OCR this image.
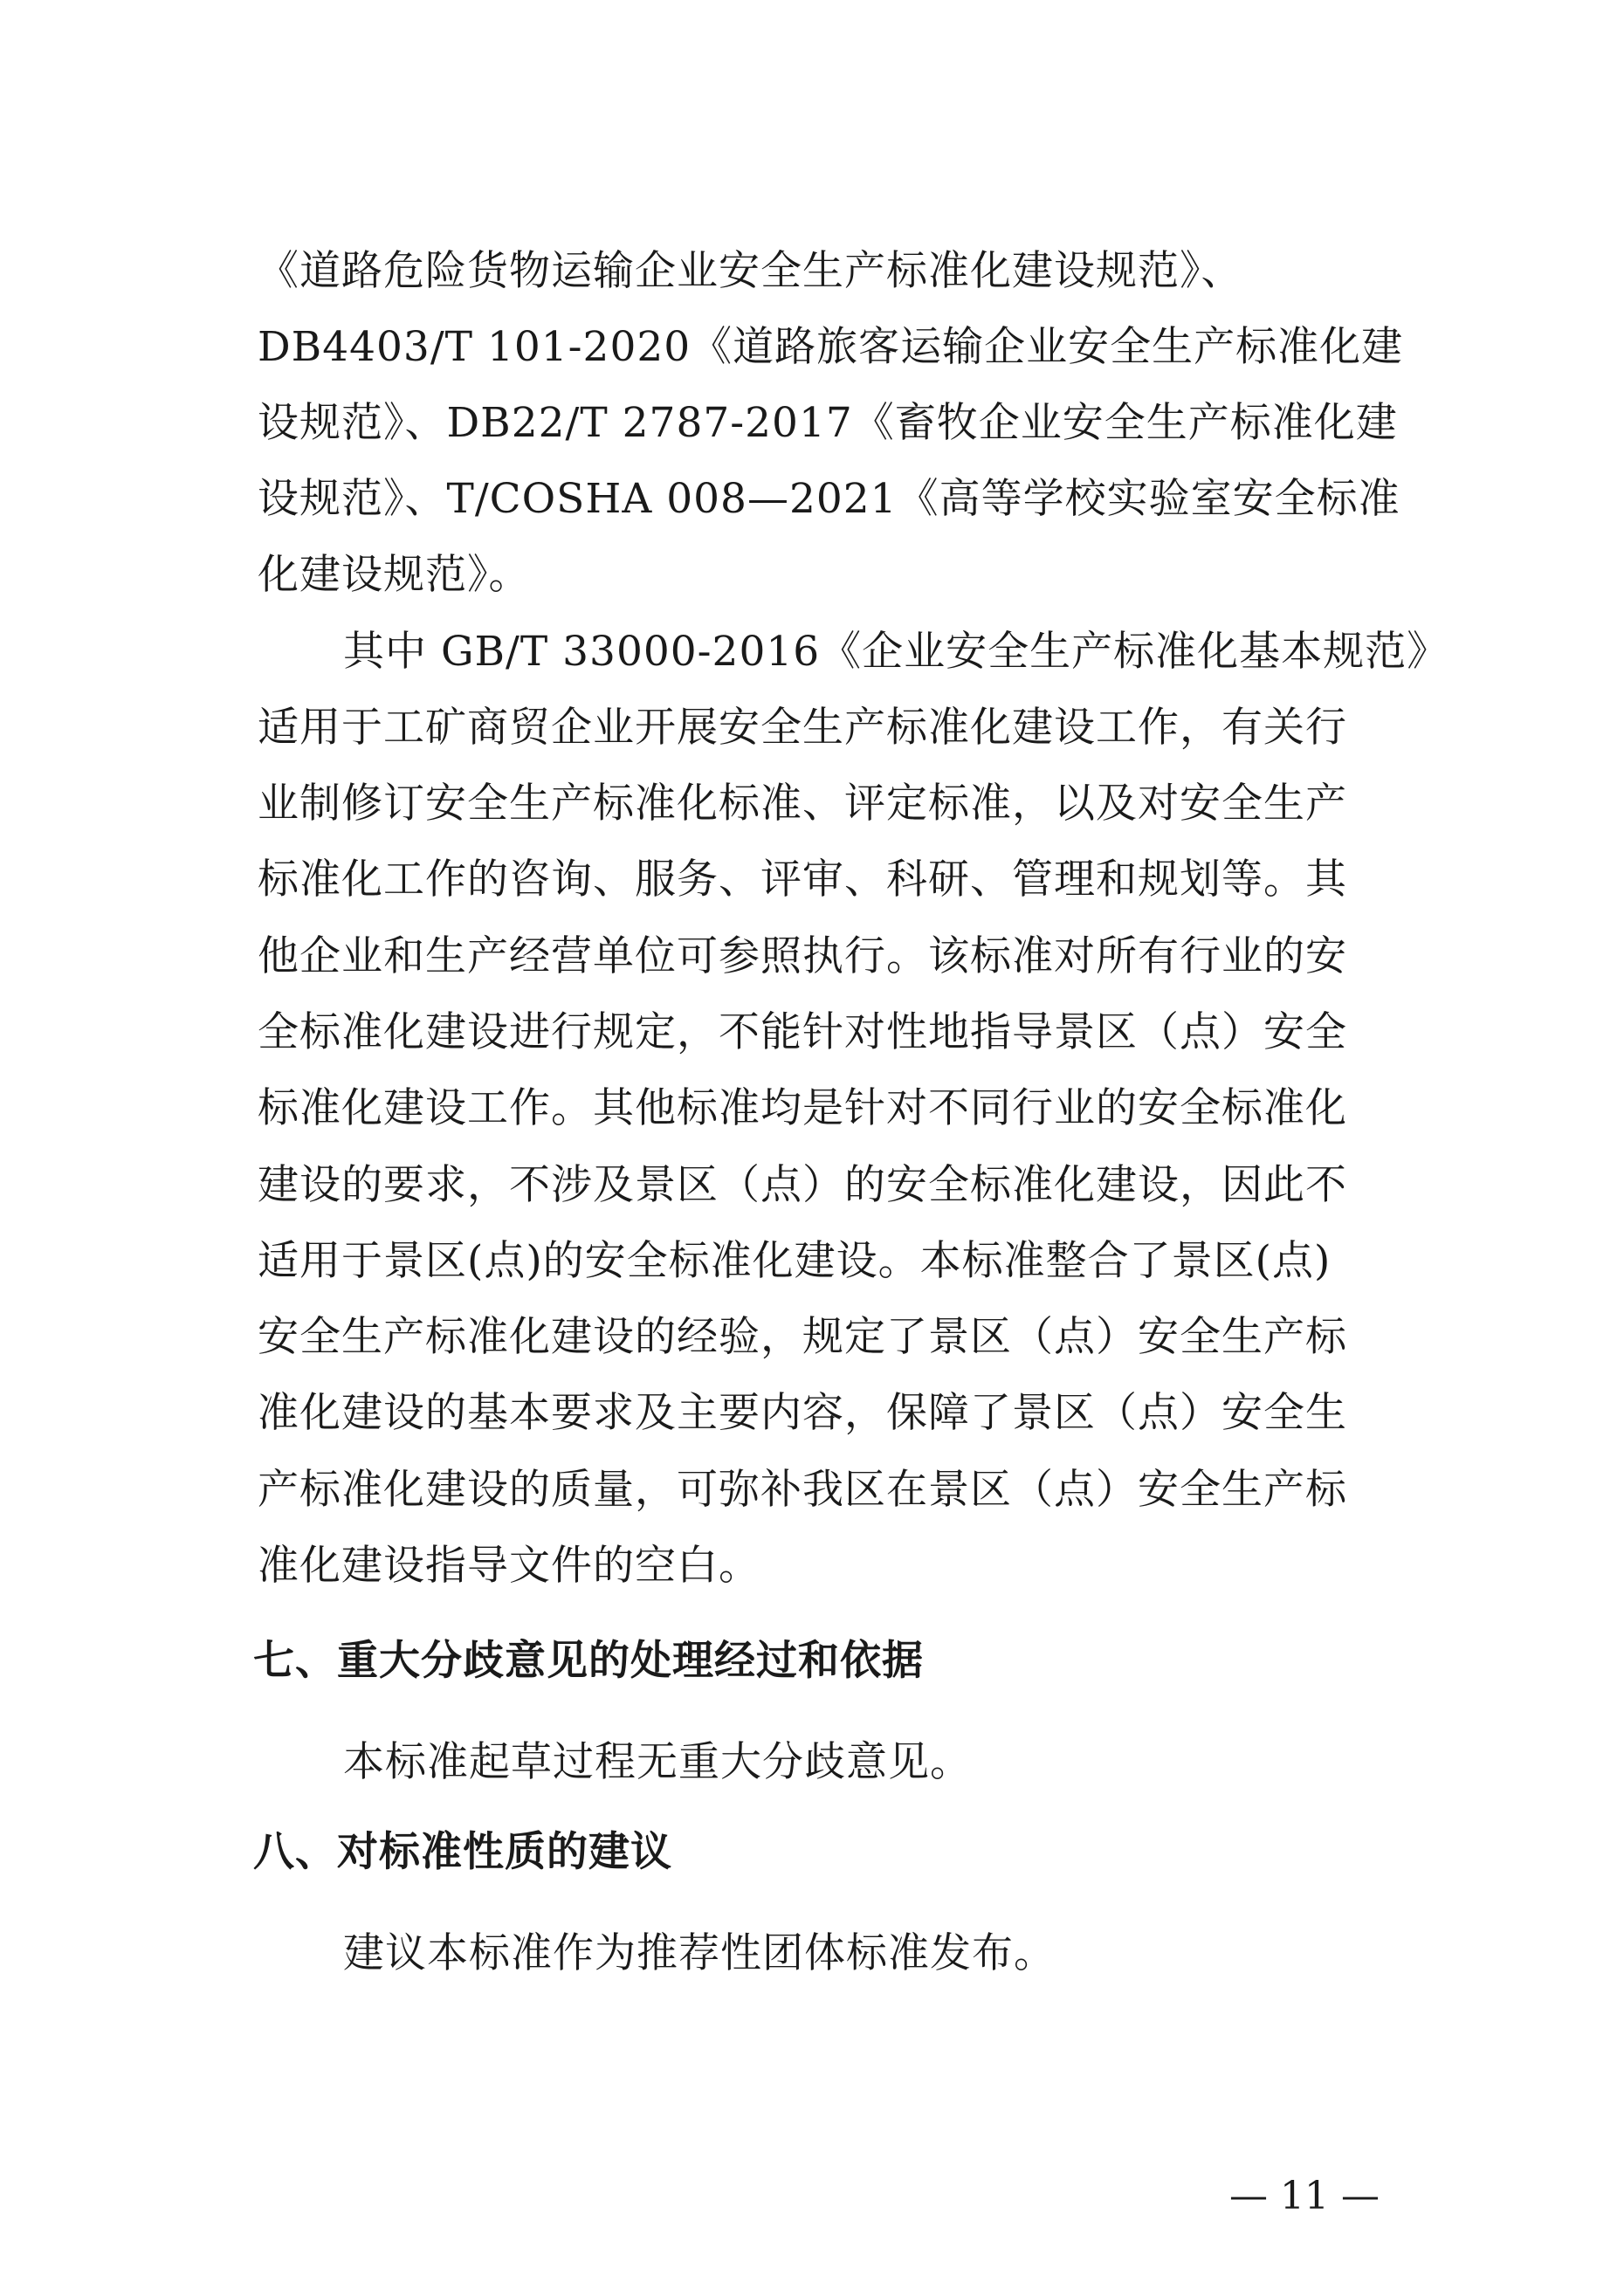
《道路危险货物运输企业安全生产标准化建设规范》、
DB4403/T 101-2020《道路旅客运输企业安全生产标准化建
设规范》、DB22/T 2787-2017《畜牧企业安全生产标准化建
设规范》、T/COSHA 008—2021《高等学校实验室安全标准
化建设规范》。
其中 GB/T 33000-2016《企业安全生产标准化基本规范》
适用于工矿商贸企业开展安全生产标准化建设工作，有关行
业制修订安全生产标准化标准、评定标准，以及对安全生产
标准化工作的咨询、服务、评审、科研、管理和规划等。其
他企业和生产经营单位可参照执行。该标准对所有行业的安
全标准化建设进行规定，不能针对性地指导景区（点）安全
标准化建设工作。其他标准均是针对不同行业的安全标准化
建设的要求，不涉及景区（点）的安全标准化建设，因此不
适用于景区(点)的安全标准化建设。本标准整合了景区(点)
安全生产标准化建设的经验，规定了景区（点）安全生产标
准化建设的基本要求及主要内容，保障了景区（点）安全生
产标准化建设的质量，可弥补我区在景区（点）安全生产标
准化建设指导文件的空白。
七、重大分歧意见的处理经过和依据
本标准起草过程无重大分歧意见。
八、对标准性质的建议
建议本标准作为推荐性团体标准发布。
— 11 —
